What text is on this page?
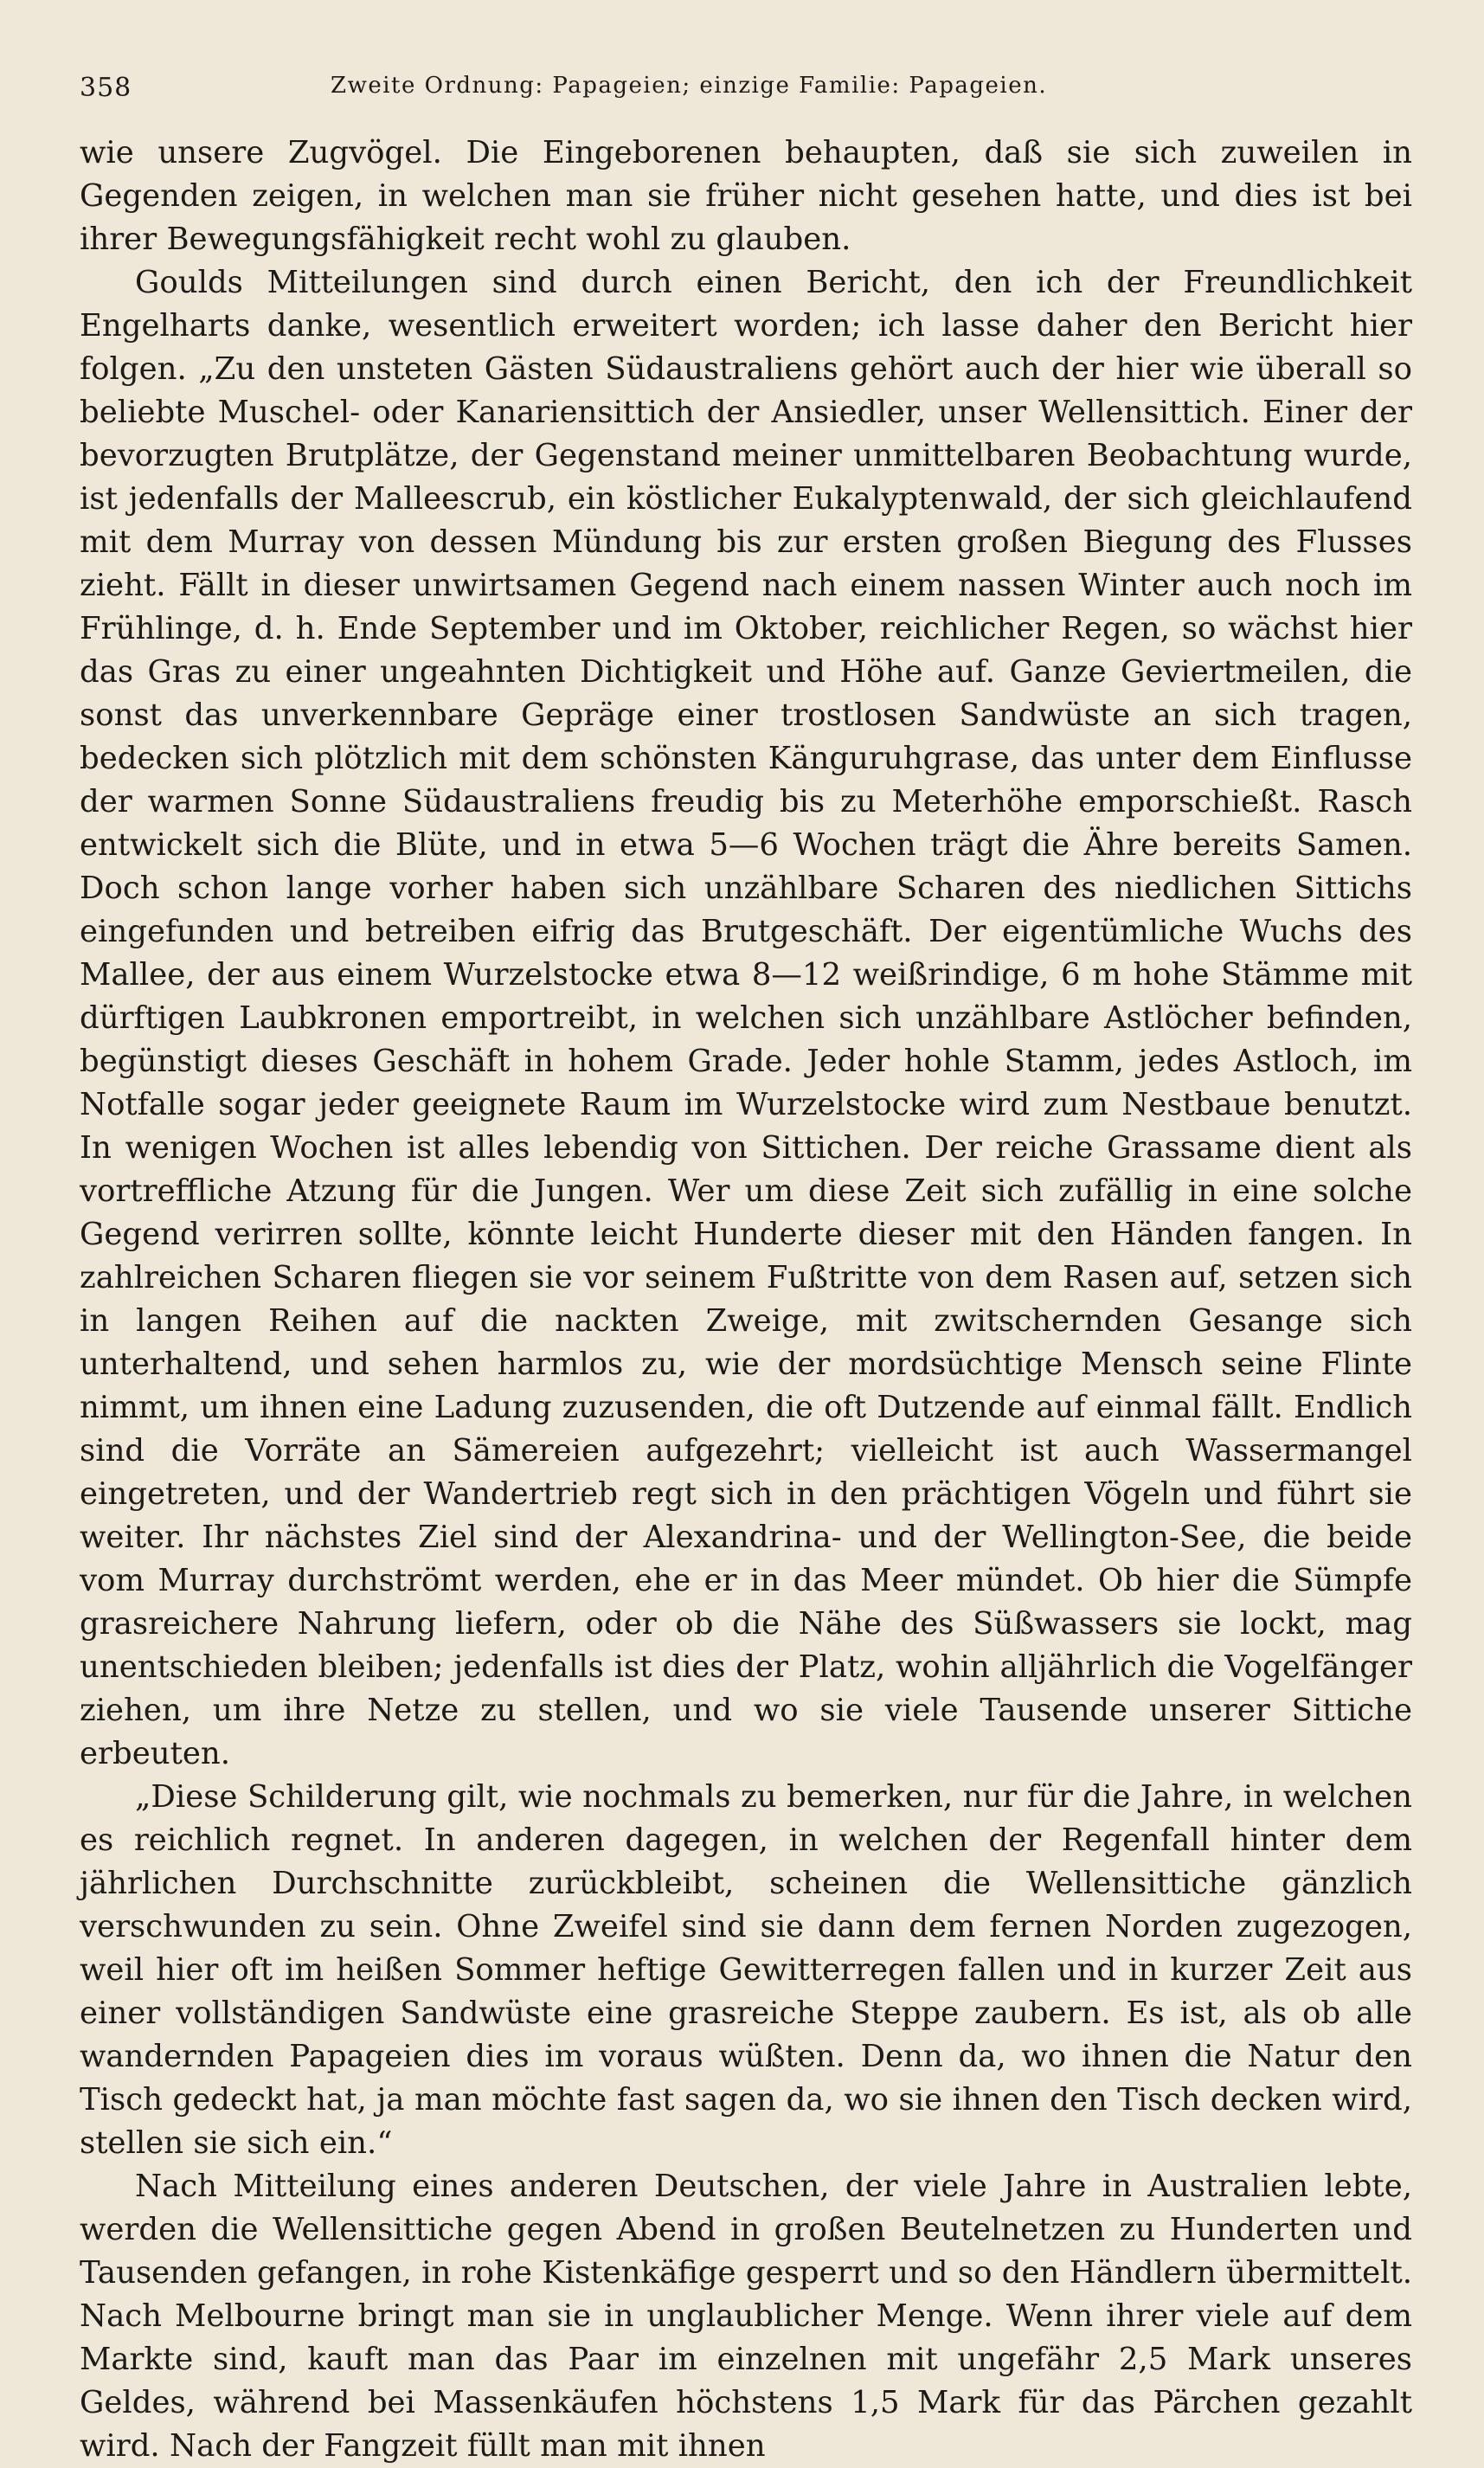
358	Zweite Ordnung: Papageien; einzige Familie: Papageien.

wie unsere Zugvögel. Die Eingeborenen behaupten, daß sie sich zuweilen in Gegenden zeigen, in welchen man sie früher nicht gesehen hatte, und dies ist bei ihrer Bewegungsfähigkeit recht wohl zu glauben.

Goulds Mitteilungen sind durch einen Bericht, den ich der Freundlichkeit Engelharts danke, wesentlich erweitert worden; ich lasse daher den Bericht hier folgen. „Zu den unsteten Gästen Südaustraliens gehört auch der hier wie überall so beliebte Muschel- oder Kanariensittich der Ansiedler, unser Wellensittich. Einer der bevorzugten Brutplätze, der Gegenstand meiner unmittelbaren Beobachtung wurde, ist jedenfalls der Malleescrub, ein köstlicher Eukalyptenwald, der sich gleichlaufend mit dem Murray von dessen Mündung bis zur ersten großen Biegung des Flusses zieht. Fällt in dieser unwirtsamen Gegend nach einem nassen Winter auch noch im Frühlinge, d. h. Ende September und im Oktober, reichlicher Regen, so wächst hier das Gras zu einer ungeahnten Dichtigkeit und Höhe auf. Ganze Geviertmeilen, die sonst das unverkennbare Gepräge einer trostlosen Sandwüste an sich tragen, bedecken sich plötzlich mit dem schönsten Känguruhgrase, das unter dem Einflusse der warmen Sonne Südaustraliens freudig bis zu Meterhöhe emporschießt. Rasch entwickelt sich die Blüte, und in etwa 5—6 Wochen trägt die Ähre bereits Samen. Doch schon lange vorher haben sich unzählbare Scharen des niedlichen Sittichs eingefunden und betreiben eifrig das Brutgeschäft. Der eigentümliche Wuchs des Mallee, der aus einem Wurzelstocke etwa 8—12 weißrindige, 6 m hohe Stämme mit dürftigen Laubkronen emportreibt, in welchen sich unzählbare Astlöcher befinden, begünstigt dieses Geschäft in hohem Grade. Jeder hohle Stamm, jedes Astloch, im Notfalle sogar jeder geeignete Raum im Wurzelstocke wird zum Nestbaue benutzt. In wenigen Wochen ist alles lebendig von Sittichen. Der reiche Grassame dient als vortreffliche Atzung für die Jungen. Wer um diese Zeit sich zufällig in eine solche Gegend verirren sollte, könnte leicht Hunderte dieser mit den Händen fangen. In zahlreichen Scharen fliegen sie vor seinem Fußtritte von dem Rasen auf, setzen sich in langen Reihen auf die nackten Zweige, mit zwitschernden Gesange sich unterhaltend, und sehen harmlos zu, wie der mordsüchtige Mensch seine Flinte nimmt, um ihnen eine Ladung zuzusenden, die oft Dutzende auf einmal fällt. Endlich sind die Vorräte an Sämereien aufgezehrt; vielleicht ist auch Wassermangel eingetreten, und der Wandertrieb regt sich in den prächtigen Vögeln und führt sie weiter. Ihr nächstes Ziel sind der Alexandrina- und der Wellington-See, die beide vom Murray durchströmt werden, ehe er in das Meer mündet. Ob hier die Sümpfe grasreichere Nahrung liefern, oder ob die Nähe des Süßwassers sie lockt, mag unentschieden bleiben; jedenfalls ist dies der Platz, wohin alljährlich die Vogelfänger ziehen, um ihre Netze zu stellen, und wo sie viele Tausende unserer Sittiche erbeuten.

„Diese Schilderung gilt, wie nochmals zu bemerken, nur für die Jahre, in welchen es reichlich regnet. In anderen dagegen, in welchen der Regenfall hinter dem jährlichen Durchschnitte zurückbleibt, scheinen die Wellensittiche gänzlich verschwunden zu sein. Ohne Zweifel sind sie dann dem fernen Norden zugezogen, weil hier oft im heißen Sommer heftige Gewitterregen fallen und in kurzer Zeit aus einer vollständigen Sandwüste eine grasreiche Steppe zaubern. Es ist, als ob alle wandernden Papageien dies im voraus wüßten. Denn da, wo ihnen die Natur den Tisch gedeckt hat, ja man möchte fast sagen da, wo sie ihnen den Tisch decken wird, stellen sie sich ein.“

Nach Mitteilung eines anderen Deutschen, der viele Jahre in Australien lebte, werden die Wellensittiche gegen Abend in großen Beutelnetzen zu Hunderten und Tausenden gefangen, in rohe Kistenkäfige gesperrt und so den Händlern übermittelt. Nach Melbourne bringt man sie in unglaublicher Menge. Wenn ihrer viele auf dem Markte sind, kauft man das Paar im einzelnen mit ungefähr 2,5 Mark unseres Geldes, während bei Massenkäufen höchstens 1,5 Mark für das Pärchen gezahlt wird. Nach der Fangzeit füllt man mit ihnen
